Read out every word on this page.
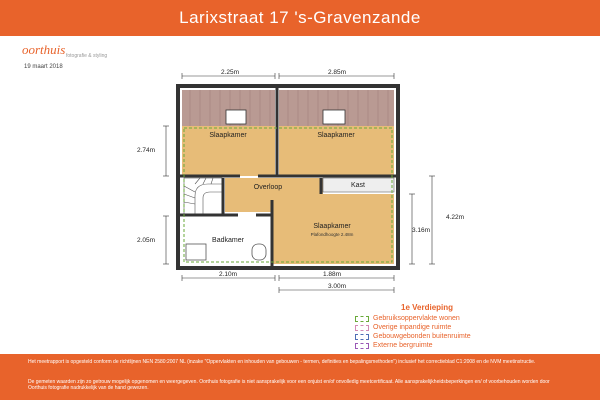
Larixstraat 17 's-Gravenzande
oorthuis fotografie & styling
19 maart 2018
Slaapkamer	Slaapkamer
Overloop	Kast
Slaapkamer
Plafondhoogte 2.48m
Badkamer
2.25m	2.85m
2.74m
2.05m
3.16m
4.22m
2.10m	1.88m
3.00m
1e Verdieping
Gebruiksoppervlakte wonen
Overige inpandige ruimte
Gebouwgebonden buitenruimte
Externe bergruimte

Het meetrapport is opgesteld conform de richtlijnen NEN 2580:2007 NL (inzake "Oppervlakten en inhouden van gebouwen - termen, definities en bepalingsmethoden") inclusief het correctieblad C1:2008 en de NVM meetinstructie.

De gemeten waarden zijn zo getrouw mogelijk opgenomen en weergegeven. Oorthuis fotografie is niet aansprakelijk voor een onjuist en/of onvolledig meetcertificaat. Alle aansprakelijkheidsbeperkingen en/ of voorbehouden worden door Oorthuis fotografie nadrukkelijk van de hand gewezen.
